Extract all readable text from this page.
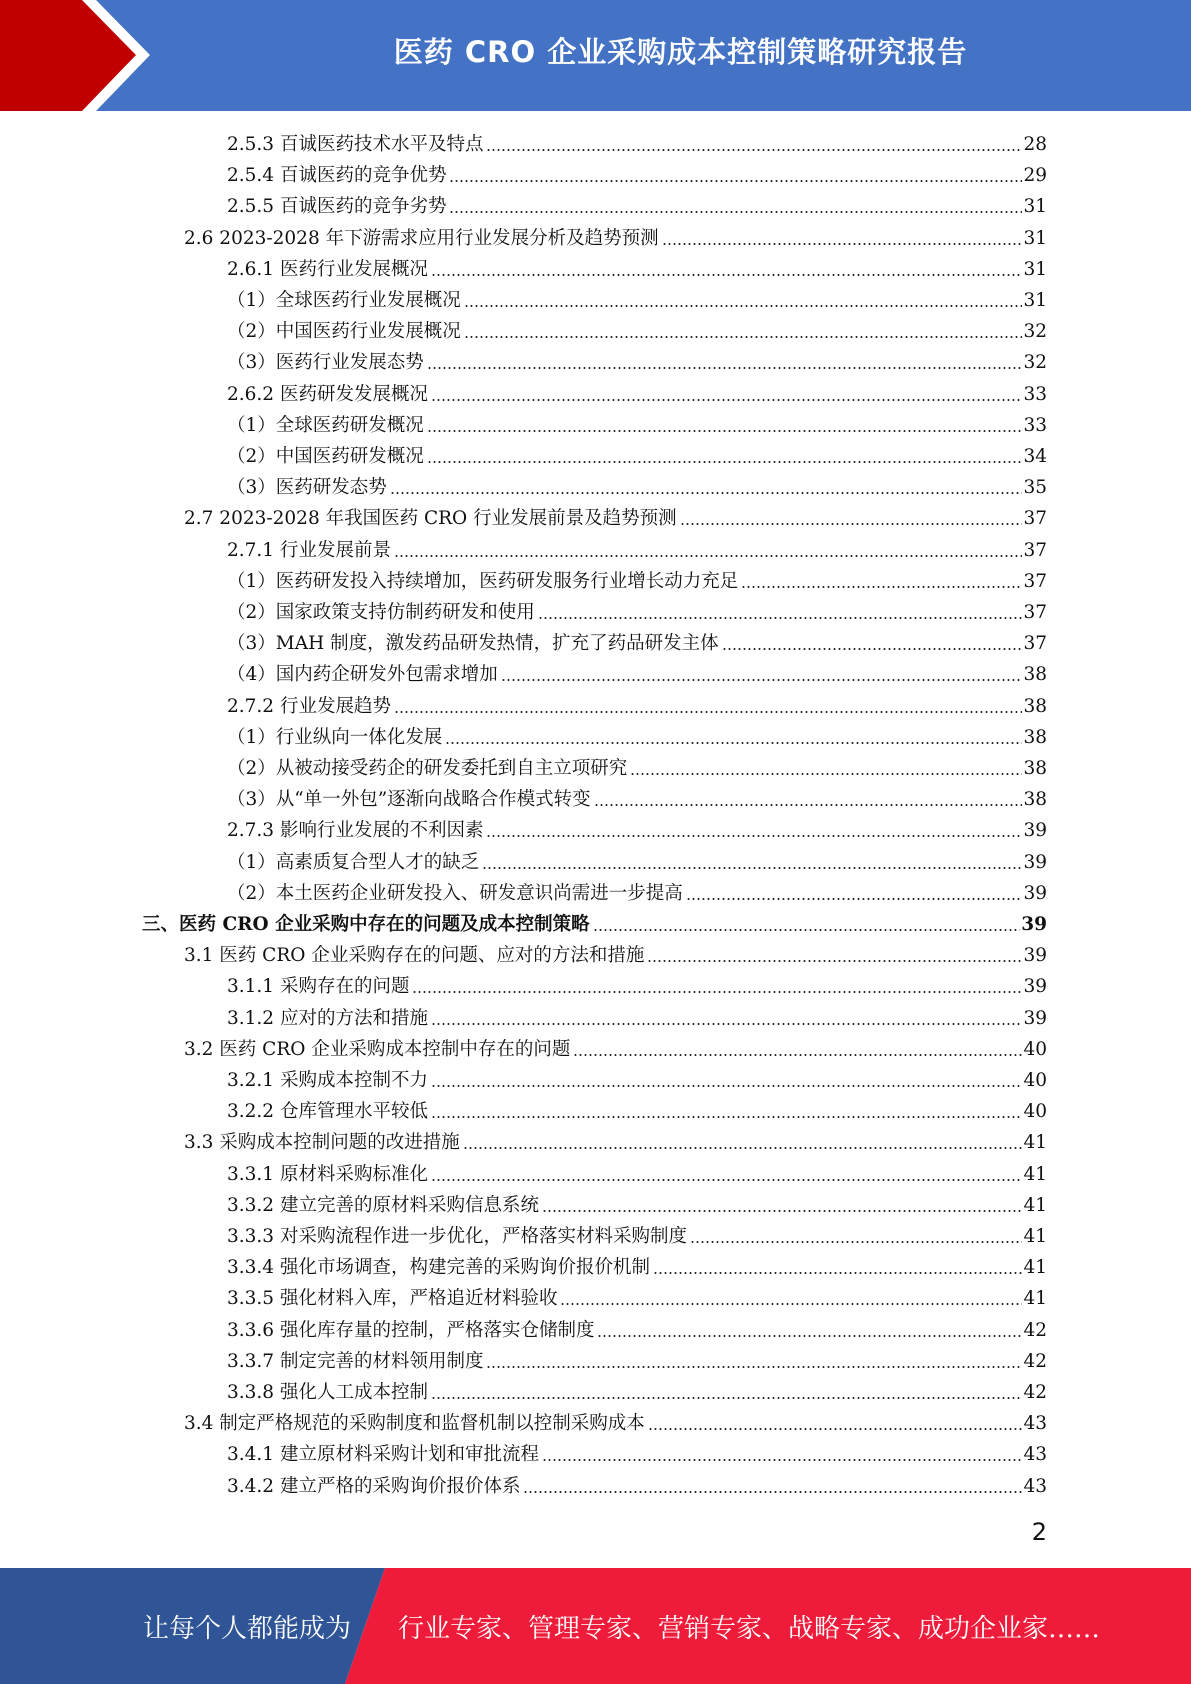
医药 CRO 企业采购成本控制策略研究报告
2.5.3 百诚医药技术水平及特点	28
2.5.4 百诚医药的竞争优势	29
2.5.5 百诚医药的竞争劣势	31
2.6 2023-2028 年下游需求应用行业发展分析及趋势预测	31
2.6.1 医药行业发展概况	31
（1）全球医药行业发展概况	31
（2）中国医药行业发展概况	32
（3）医药行业发展态势	32
2.6.2 医药研发发展概况	33
（1）全球医药研发概况	33
（2）中国医药研发概况	34
（3）医药研发态势	35
2.7 2023-2028 年我国医药 CRO 行业发展前景及趋势预测	37
2.7.1 行业发展前景	37
（1）医药研发投入持续增加，医药研发服务行业增长动力充足	37
（2）国家政策支持仿制药研发和使用	37
（3）MAH 制度，激发药品研发热情，扩充了药品研发主体	37
（4）国内药企研发外包需求增加	38
2.7.2 行业发展趋势	38
（1）行业纵向一体化发展	38
（2）从被动接受药企的研发委托到自主立项研究	38
（3）从“单一外包”逐渐向战略合作模式转变	38
2.7.3 影响行业发展的不利因素	39
（1）高素质复合型人才的缺乏	39
（2）本土医药企业研发投入、研发意识尚需进一步提高	39
三、医药 CRO 企业采购中存在的问题及成本控制策略	39
3.1 医药 CRO 企业采购存在的问题、应对的方法和措施	39
3.1.1 采购存在的问题	39
3.1.2 应对的方法和措施	39
3.2 医药 CRO 企业采购成本控制中存在的问题	40
3.2.1 采购成本控制不力	40
3.2.2 仓库管理水平较低	40
3.3 采购成本控制问题的改进措施	41
3.3.1 原材料采购标准化	41
3.3.2 建立完善的原材料采购信息系统	41
3.3.3 对采购流程作进一步优化，严格落实材料采购制度	41
3.3.4 强化市场调查，构建完善的采购询价报价机制	41
3.3.5 强化材料入库，严格追近材料验收	41
3.3.6 强化库存量的控制，严格落实仓储制度	42
3.3.7 制定完善的材料领用制度	42
3.3.8 强化人工成本控制	42
3.4 制定严格规范的采购制度和监督机制以控制采购成本	43
3.4.1 建立原材料采购计划和审批流程	43
3.4.2 建立严格的采购询价报价体系	43
2
让每个人都能成为 行业专家、管理专家、营销专家、战略专家、成功企业家……
